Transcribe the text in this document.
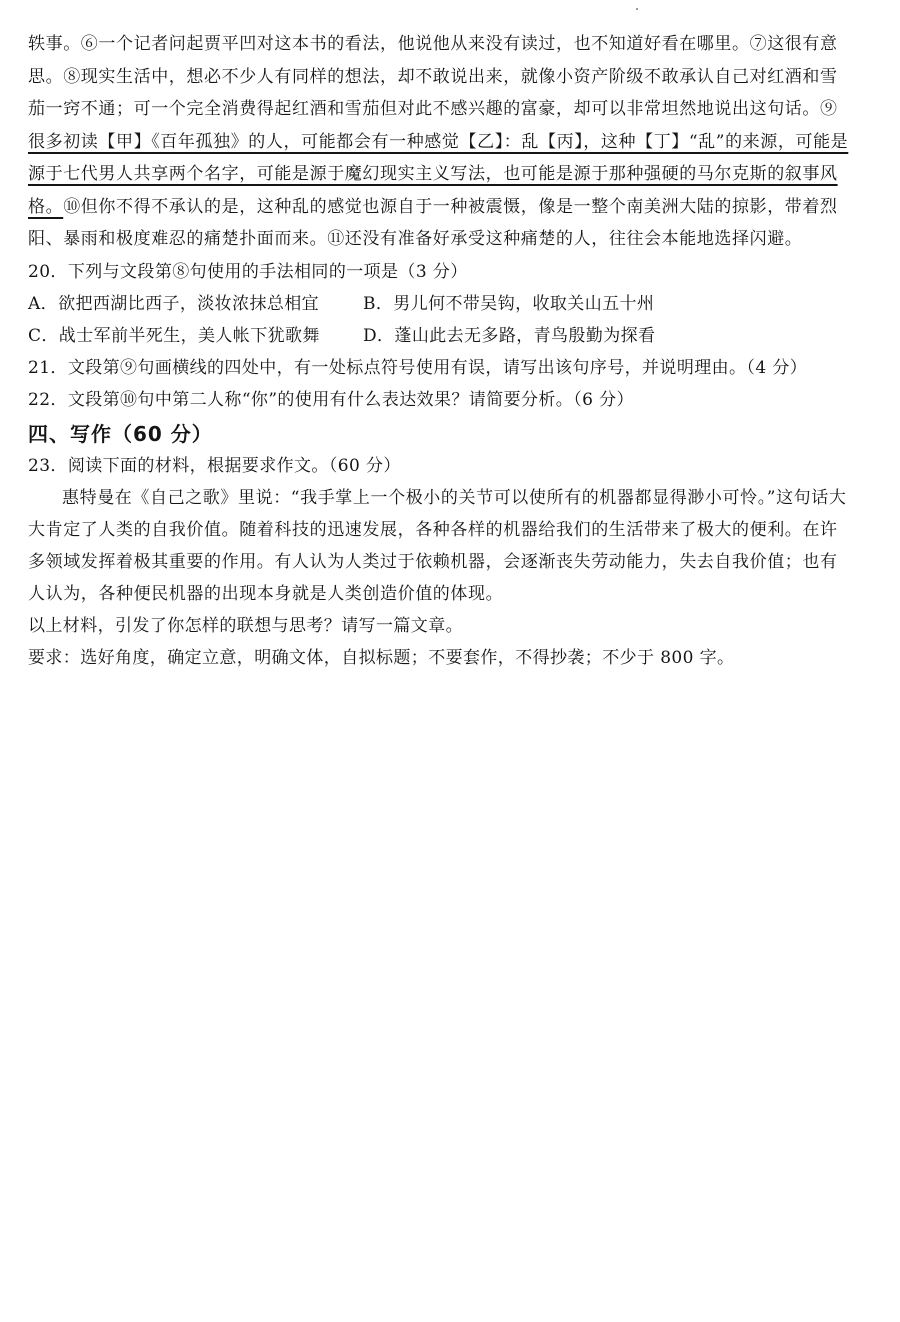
轶事。⑥一个记者问起贾平凹对这本书的看法，他说他从来没有读过，也不知道好看在哪里。⑦这很有意
思。⑧现实生活中，想必不少人有同样的想法，却不敢说出来，就像小资产阶级不敢承认自己对红酒和雪
茄一窍不通；可一个完全消费得起红酒和雪茄但对此不感兴趣的富豪，却可以非常坦然地说出这句话。⑨
很多初读【甲】《百年孤独》的人，可能都会有一种感觉【乙】：乱【丙】，这种【丁】“乱”的来源，可能是
源于七代男人共享两个名字，可能是源于魔幻现实主义写法，也可能是源于那种强硬的马尔克斯的叙事风
格。⑩但你不得不承认的是，这种乱的感觉也源自于一种被震慑，像是一整个南美洲大陆的掠影，带着烈
阳、暴雨和极度难忍的痛楚扑面而来。⑪还没有准备好承受这种痛楚的人，往往会本能地选择闪避。
20．下列与文段第⑧句使用的手法相同的一项是（3 分）
A．欲把西湖比西子，淡妆浓抹总相宜	B．男儿何不带吴钩，收取关山五十州
C．战士军前半死生，美人帐下犹歌舞	D．蓬山此去无多路，青鸟殷勤为探看
21．文段第⑨句画横线的四处中，有一处标点符号使用有误，请写出该句序号，并说明理由。（4 分）
22．文段第⑩句中第二人称“你”的使用有什么表达效果？请简要分析。（6 分）
四、写作（60 分）
23．阅读下面的材料，根据要求作文。（60 分）
惠特曼在《自己之歌》里说：“我手掌上一个极小的关节可以使所有的机器都显得渺小可怜。”这句话大
大肯定了人类的自我价值。随着科技的迅速发展，各种各样的机器给我们的生活带来了极大的便利。在许
多领域发挥着极其重要的作用。有人认为人类过于依赖机器，会逐渐丧失劳动能力，失去自我价值；也有
人认为，各种便民机器的出现本身就是人类创造价值的体现。
以上材料，引发了你怎样的联想与思考？请写一篇文章。
要求：选好角度，确定立意，明确文体，自拟标题；不要套作，不得抄袭；不少于 800 字。
